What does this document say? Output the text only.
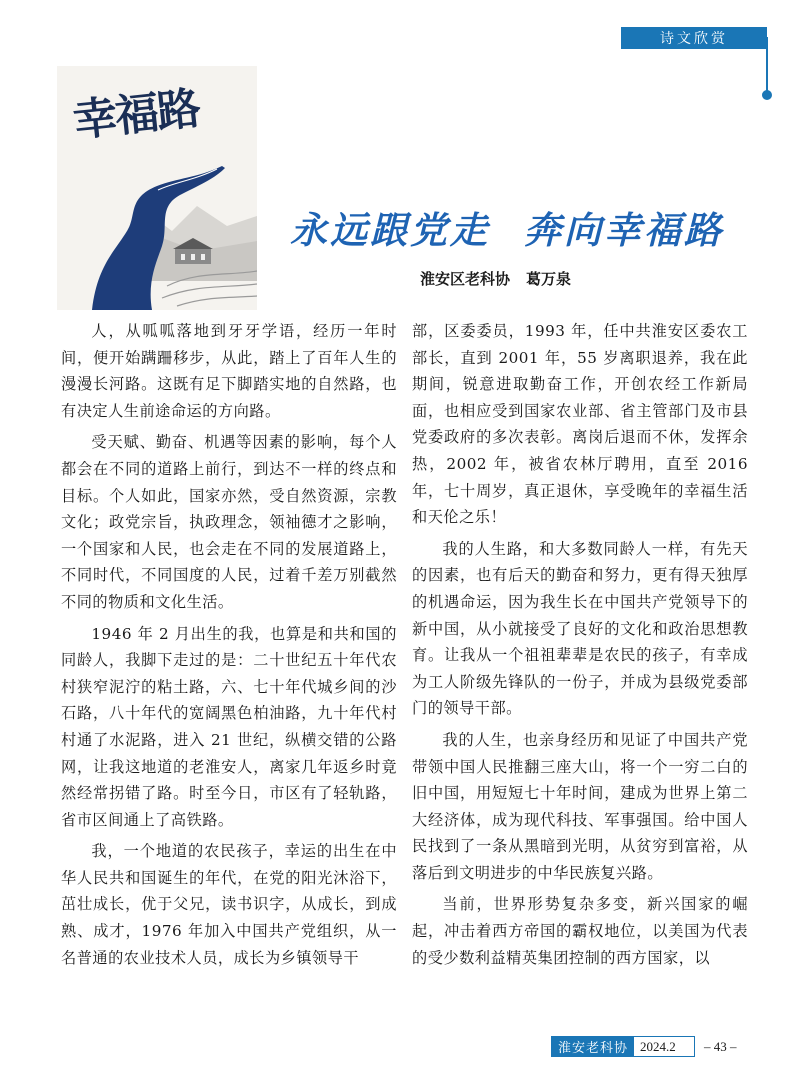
诗文欣赏
幸福路
永远跟党走 奔向幸福路
淮安区老科协 葛万泉

人，从呱呱落地到牙牙学语，经历一年时间，便开始蹒跚移步，从此，踏上了百年人生的漫漫长河路。这既有足下脚踏实地的自然路，也有决定人生前途命运的方向路。

受天赋、勤奋、机遇等因素的影响，每个人都会在不同的道路上前行，到达不一样的终点和目标。个人如此，国家亦然，受自然资源，宗教文化；政党宗旨，执政理念，领袖德才之影响，一个国家和人民，也会走在不同的发展道路上，不同时代，不同国度的人民，过着千差万别截然不同的物质和文化生活。

1946 年 2 月出生的我，也算是和共和国的同龄人，我脚下走过的是：二十世纪五十年代农村狭窄泥泞的粘土路，六、七十年代城乡间的沙石路，八十年代的宽阔黑色柏油路，九十年代村村通了水泥路，进入 21 世纪，纵横交错的公路网，让我这地道的老淮安人，离家几年返乡时竟然经常拐错了路。时至今日，市区有了轻轨路，省市区间通上了高铁路。

我，一个地道的农民孩子，幸运的出生在中华人民共和国诞生的年代，在党的阳光沐浴下，茁壮成长，优于父兄，读书识字，从成长，到成熟、成才，1976 年加入中国共产党组织，从一名普通的农业技术人员，成长为乡镇领导干

部，区委委员，1993 年，任中共淮安区委农工部长，直到 2001 年，55 岁离职退养，我在此期间，锐意进取勤奋工作，开创农经工作新局面，也相应受到国家农业部、省主管部门及市县党委政府的多次表彰。离岗后退而不休，发挥余热，2002 年，被省农林厅聘用，直至 2016 年，七十周岁，真正退休，享受晚年的幸福生活和天伦之乐！

我的人生路，和大多数同龄人一样，有先天的因素，也有后天的勤奋和努力，更有得天独厚的机遇命运，因为我生长在中国共产党领导下的新中国，从小就接受了良好的文化和政治思想教育。让我从一个祖祖辈辈是农民的孩子，有幸成为工人阶级先锋队的一份子，并成为县级党委部门的领导干部。

我的人生，也亲身经历和见证了中国共产党带领中国人民推翻三座大山，将一个一穷二白的旧中国，用短短七十年时间，建成为世界上第二大经济体，成为现代科技、军事强国。给中国人民找到了一条从黑暗到光明，从贫穷到富裕，从落后到文明进步的中华民族复兴路。

当前，世界形势复杂多变，新兴国家的崛起，冲击着西方帝国的霸权地位，以美国为代表的受少数利益精英集团控制的西方国家，以

淮安老科协 2024.2	– 43 –
